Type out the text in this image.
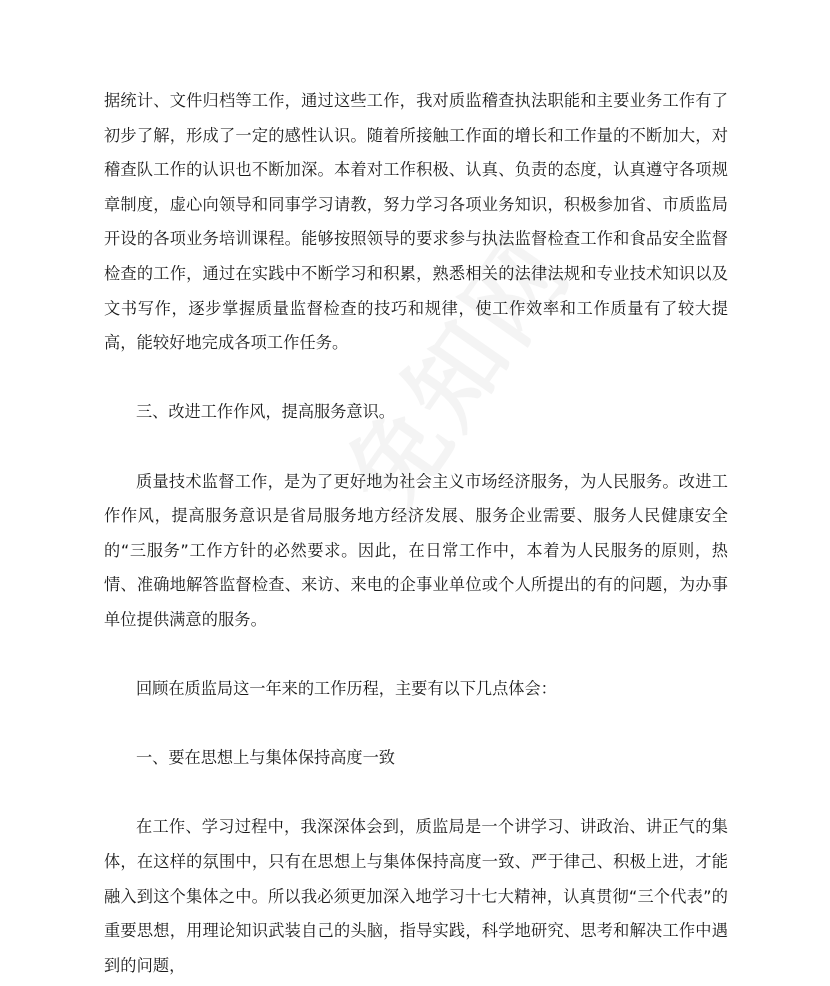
据统计、文件归档等工作，通过这些工作，我对质监稽查执法职能和主要业务工作有了初步了解，形成了一定的感性认识。随着所接触工作面的增长和工作量的不断加大，对稽查队工作的认识也不断加深。本着对工作积极、认真、负责的态度，认真遵守各项规章制度，虚心向领导和同事学习请教，努力学习各项业务知识，积极参加省、市质监局开设的各项业务培训课程。能够按照领导的要求参与执法监督检查工作和食品安全监督检查的工作，通过在实践中不断学习和积累，熟悉相关的法律法规和专业技术知识以及文书写作，逐步掌握质量监督检查的技巧和规律，使工作效率和工作质量有了较大提高，能较好地完成各项工作任务。

三、改进工作作风，提高服务意识。

质量技术监督工作，是为了更好地为社会主义市场经济服务，为人民服务。改进工作作风，提高服务意识是省局服务地方经济发展、服务企业需要、服务人民健康安全的“三服务”工作方针的必然要求。因此，在日常工作中，本着为人民服务的原则，热情、准确地解答监督检查、来访、来电的企事业单位或个人所提出的有的问题，为办事单位提供满意的服务。

回顾在质监局这一年来的工作历程，主要有以下几点体会：

一、要在思想上与集体保持高度一致

在工作、学习过程中，我深深体会到，质监局是一个讲学习、讲政治、讲正气的集体，在这样的氛围中，只有在思想上与集体保持高度一致、严于律己、积极上进，才能融入到这个集体之中。所以我必须更加深入地学习十七大精神，认真贯彻“三个代表”的重要思想，用理论知识武装自己的头脑，指导实践，科学地研究、思考和解决工作中遇到的问题，
